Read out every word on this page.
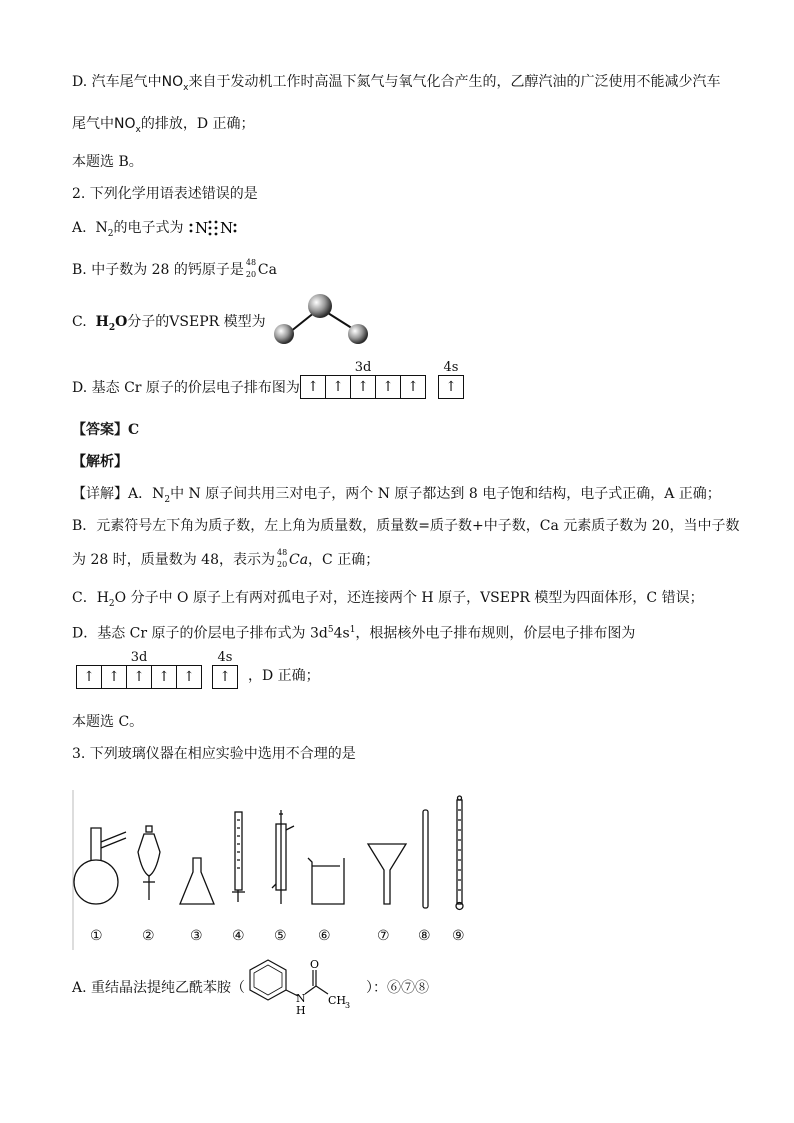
D. 汽车尾气中$NO_x$来自于发动机工作时高温下氮气与氧气化合产生的，乙醇汽油的广泛使用不能减少汽车
尾气中$NO_x$的排放，D 正确；
本题选 B。
2. 下列化学用语表述错误的是
A. $N_2$的电子式为 N N
B. 中子数为 28 的钙原子是 48
20 Ca
C. $H_2O$分子的VSEPR 模型为
D. 基态 Cr 原子的价层电子排布图为
3d
↑ ↑ ↑ ↑ ↑
4s
↑
【答案】C
【解析】
【详解】A．$N_2$中 N 原子间共用三对电子，两个 N 原子都达到 8 电子饱和结构，电子式正确，A 正确；
B．元素符号左下角为质子数，左上角为质量数，质量数=质子数+中子数，Ca 元素质子数为 20，当中子数
为 28 时，质量数为 48，表示为 48
20 Ca，C 正确；
C．$H_2O$ 分子中 O 原子上有两对孤电子对，还连接两个 H 原子，VSEPR 模型为四面体形，C 错误；
D．基态 Cr 原子的价层电子排布式为 $3d^54s^1$，根据核外电子排布规则，价层电子排布图为
3d
↑ ↑ ↑ ↑ ↑
4s
↑	，D 正确；
本题选 C。
3. 下列玻璃仪器在相应实验中选用不合理的是
①	②	③ ④ ⑤ ⑥	⑦ ⑧ ⑨
A. 重结晶法提纯乙酰苯胺（
N
H
O
CH
3
）：⑥⑦⑧
